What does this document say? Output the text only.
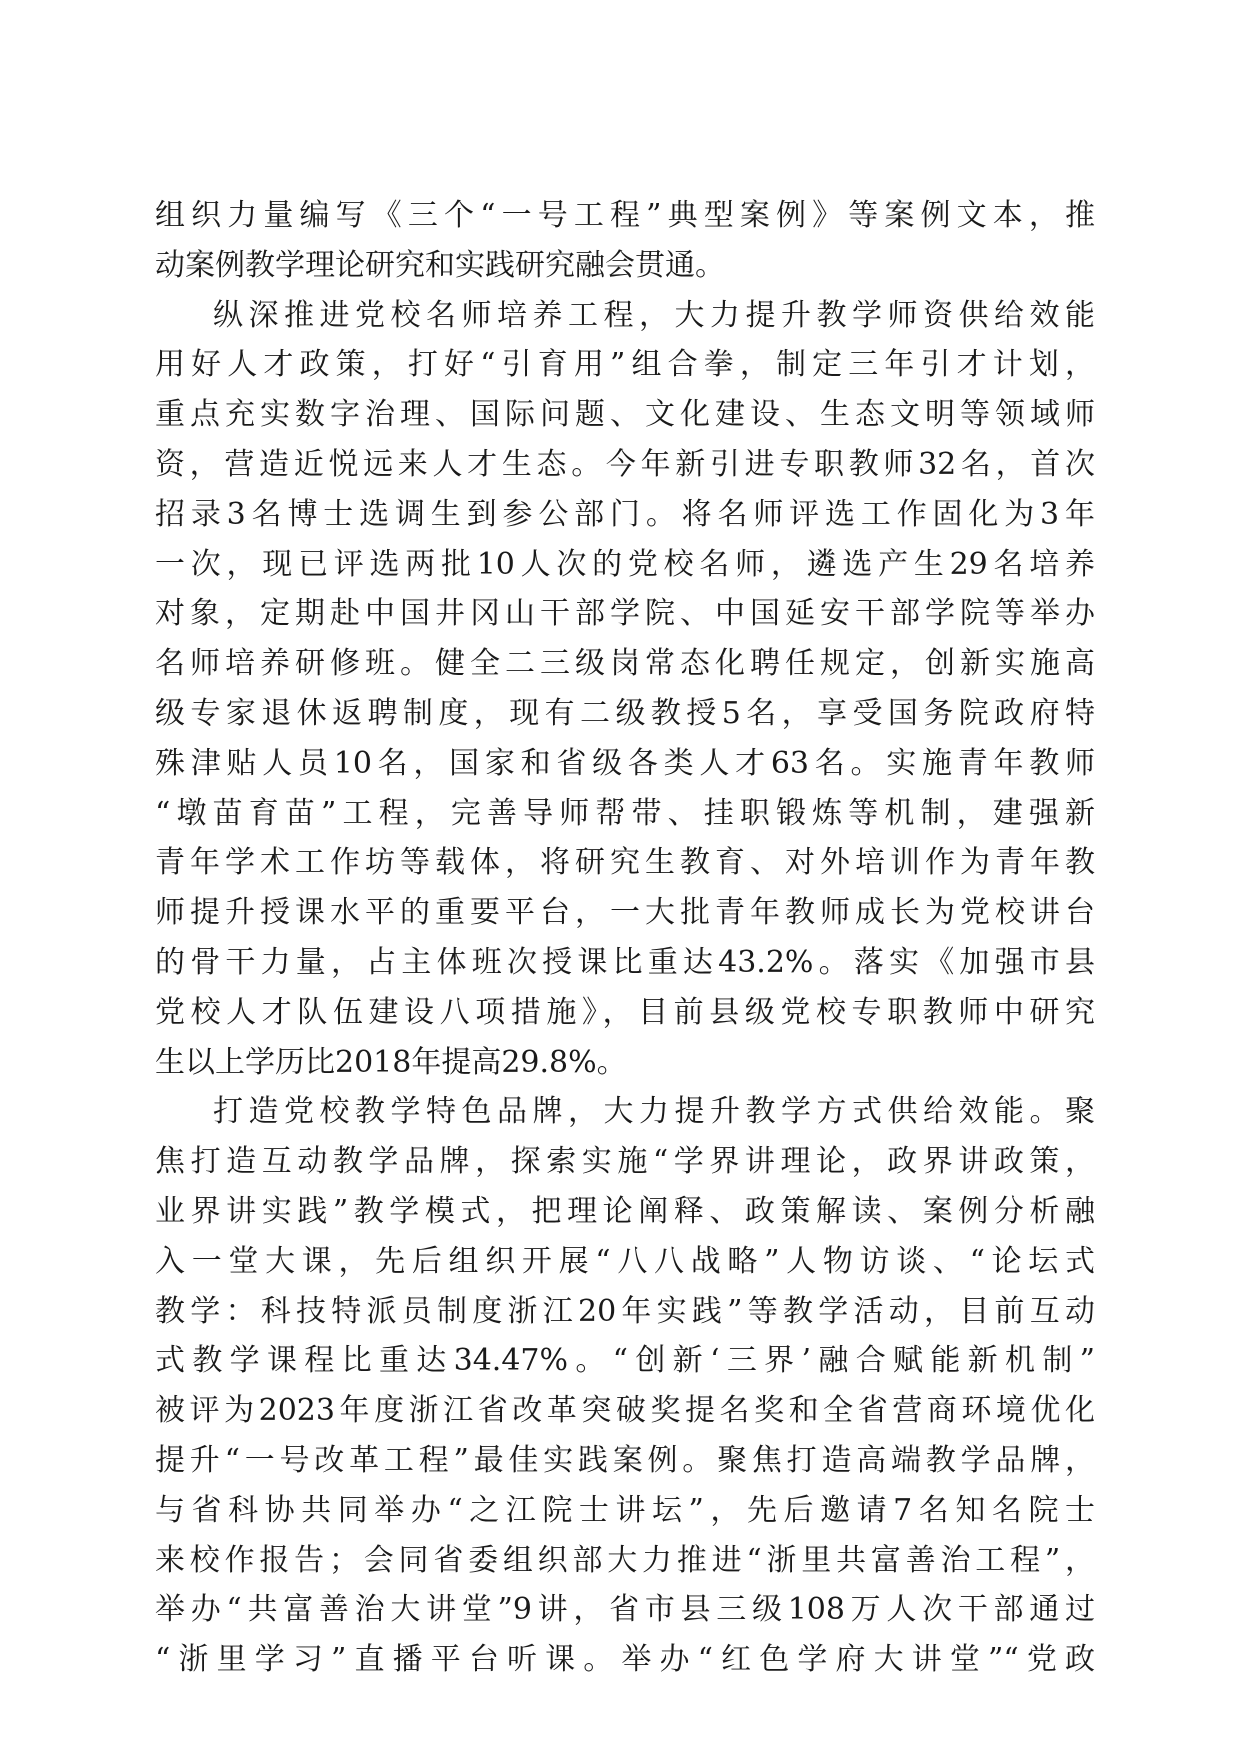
组织力量编写《三个“一号工程”典型案例》等案例文本，推
动案例教学理论研究和实践研究融会贯通。
纵深推进党校名师培养工程，大力提升教学师资供给效能
用好人才政策，打好“引育用”组合拳，制定三年引才计划，
重点充实数字治理、国际问题、文化建设、生态文明等领域师
资，营造近悦远来人才生态。今年新引进专职教师32名，首次
招录3名博士选调生到参公部门。将名师评选工作固化为3年
一次，现已评选两批10人次的党校名师，遴选产生29名培养
对象，定期赴中国井冈山干部学院、中国延安干部学院等举办
名师培养研修班。健全二三级岗常态化聘任规定，创新实施高
级专家退休返聘制度，现有二级教授5名，享受国务院政府特
殊津贴人员10名，国家和省级各类人才63名。实施青年教师
“墩苗育苗”工程，完善导师帮带、挂职锻炼等机制，建强新
青年学术工作坊等载体，将研究生教育、对外培训作为青年教
师提升授课水平的重要平台，一大批青年教师成长为党校讲台
的骨干力量，占主体班次授课比重达43.2%。落实《加强市县
党校人才队伍建设八项措施》，目前县级党校专职教师中研究
生以上学历比2018年提高29.8%。
打造党校教学特色品牌，大力提升教学方式供给效能。聚
焦打造互动教学品牌，探索实施“学界讲理论，政界讲政策，
业界讲实践”教学模式，把理论阐释、政策解读、案例分析融
入一堂大课，先后组织开展“八八战略”人物访谈、“论坛式
教学：科技特派员制度浙江20年实践”等教学活动，目前互动
式教学课程比重达34.47%。“创新‘三界’融合赋能新机制”
被评为2023年度浙江省改革突破奖提名奖和全省营商环境优化
提升“一号改革工程”最佳实践案例。聚焦打造高端教学品牌，
与省科协共同举办“之江院士讲坛”，先后邀请7名知名院士
来校作报告；会同省委组织部大力推进“浙里共富善治工程”，
举办“共富善治大讲堂”9讲，省市县三级108万人次干部通过
“浙里学习”直播平台听课。举办“红色学府大讲堂”“党政
